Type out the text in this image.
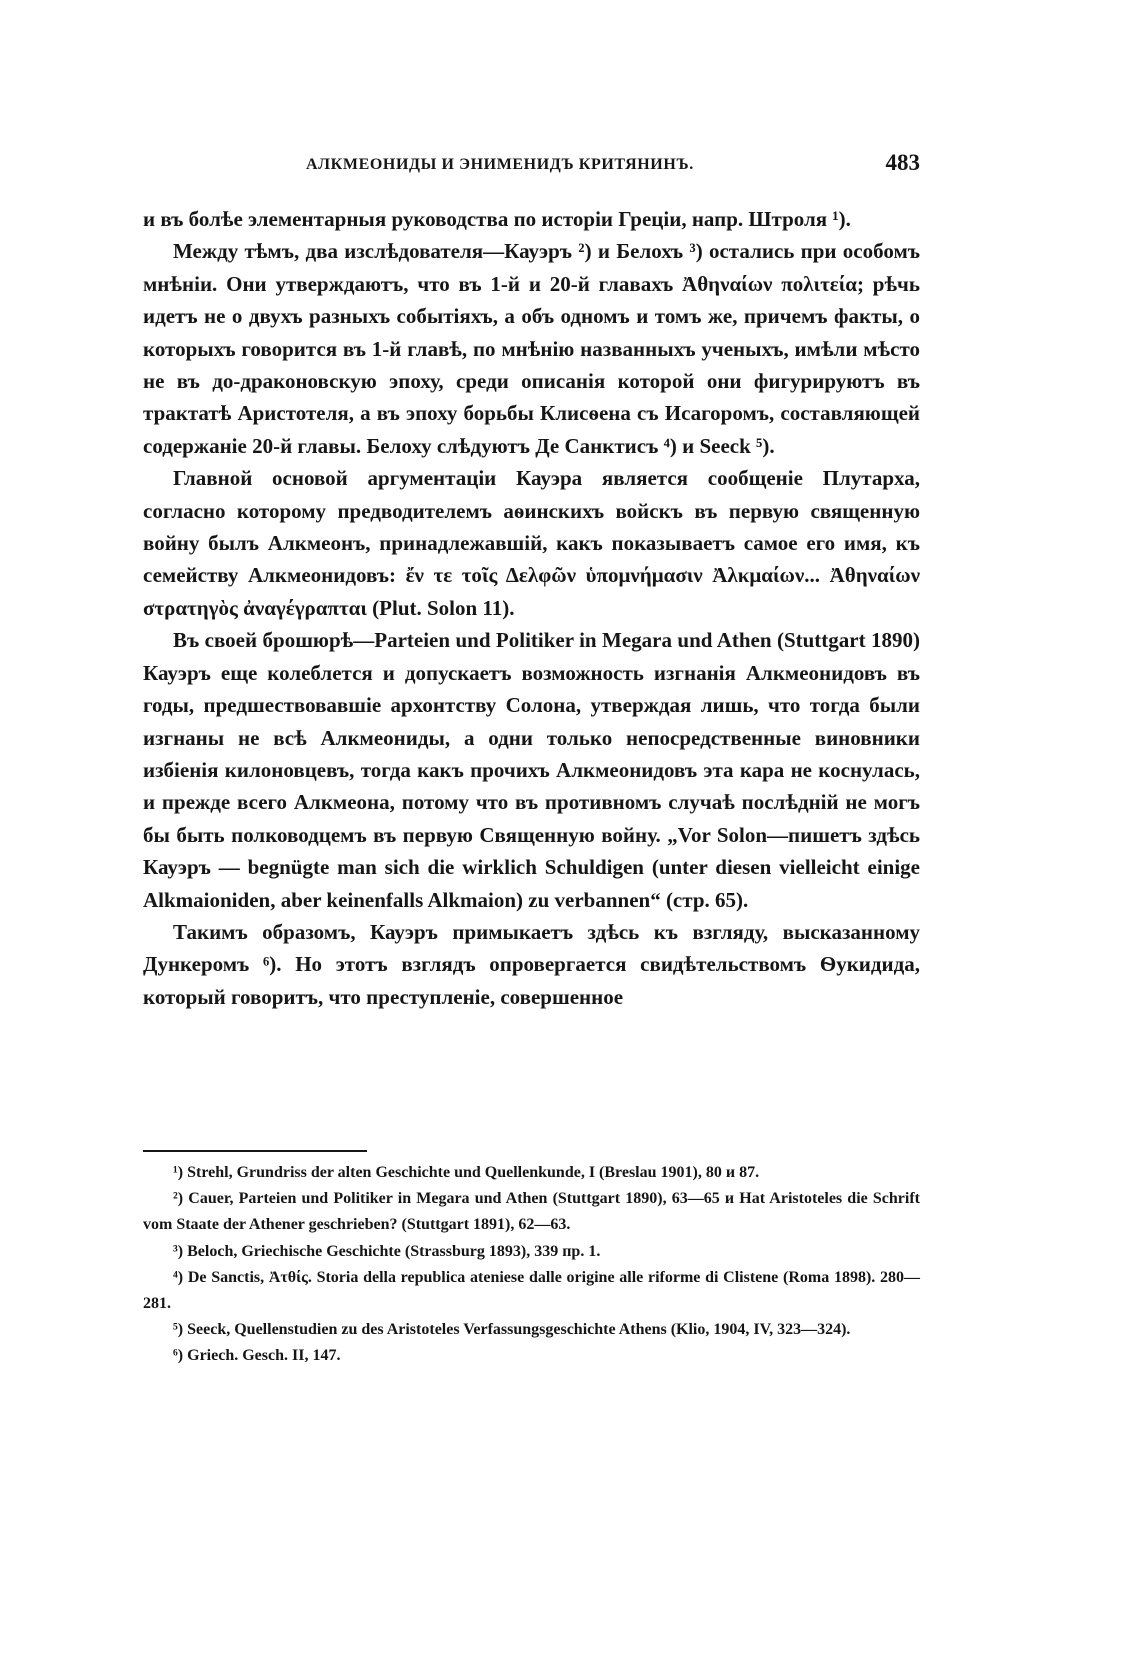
АЛКМЕОНИДЫ И ЭНИМЕНИДЪ КРИТЯНИНЪ.	483

и въ болѣе элементарныя руководства по исторіи Греціи, напр. Штроля ¹).

Между тѣмъ, два изслѣдователя—Кауэръ ²) и Белохъ ³) остались при особомъ мнѣніи. Они утверждаютъ, что въ 1-й и 20-й главахъ Ἀθηναίων πολιτεία; рѣчь идетъ не о двухъ разныхъ событіяхъ, а объ одномъ и томъ же, причемъ факты, о которыхъ говорится въ 1-й главѣ, по мнѣнію названныхъ ученыхъ, имѣли мѣсто не въ до-драконовскую эпоху, среди описанія которой они фигурируютъ въ трактатѣ Аристотеля, а въ эпоху борьбы Клисѳена съ Исагоромъ, составляющей содержаніе 20-й главы. Белоху слѣдуютъ Де Санктисъ ⁴) и Seeck ⁵).

Главной основой аргументаціи Кауэра является сообщеніе Плутарха, согласно которому предводителемъ аѳинскихъ войскъ въ первую священную войну былъ Алкмеонъ, принадлежавшій, какъ показываетъ самое его имя, къ семейству Алкмеонидовъ: ἔν τε τοῖς Δελφῶν ὑπομνήμασιν Ἀλκμαίων... Ἀθηναίων στρατηγὸς ἀναγέγραπται (Plut. Solon 11).

Въ своей брошюрѣ—Parteien und Politiker in Megara und Athen (Stuttgart 1890) Кауэръ еще колеблется и допускаетъ возможность изгнанія Алкмеонидовъ въ годы, предшествовавшіе архонтству Солона, утверждая лишь, что тогда были изгнаны не всѣ Алкмеониды, а одни только непосредственные виновники избіенія килоновцевъ, тогда какъ прочихъ Алкмеонидовъ эта кара не коснулась, и прежде всего Алкмеона, потому что въ противномъ случаѣ послѣдній не могъ бы быть полководцемъ въ первую Священную войну. „Vor Solon—пишетъ здѣсь Кауэръ — begnügte man sich die wirklich Schuldigen (unter diesen vielleicht einige Alkmaioniden, aber keinenfalls Alkmaion) zu verbannen“ (стр. 65).

Такимъ образомъ, Кауэръ примыкаетъ здѣсь къ взгляду, высказанному Дункеромъ ⁶). Но этотъ взглядъ опровергается свидѣтельствомъ Ѳукидида, который говоритъ, что преступленіе, совершенное

¹) Strehl, Grundriss der alten Geschichte und Quellenkunde, I (Breslau 1901), 80 и 87.

²) Cauer, Parteien und Politiker in Megara und Athen (Stuttgart 1890), 63—65 и Hat Aristoteles die Schrift vom Staate der Athener geschrieben? (Stuttgart 1891), 62—63.

³) Beloch, Griechische Geschichte (Strassburg 1893), 339 пр. 1.

⁴) De Sanctis, Ἀτθίς. Storia della republica ateniese dalle origine alle riforme di Clistene (Roma 1898). 280—281.

⁵) Seeck, Quellenstudien zu des Aristoteles Verfassungsgeschichte Athens (Klio, 1904, IV, 323—324).

⁶) Griech. Gesch. II, 147.
